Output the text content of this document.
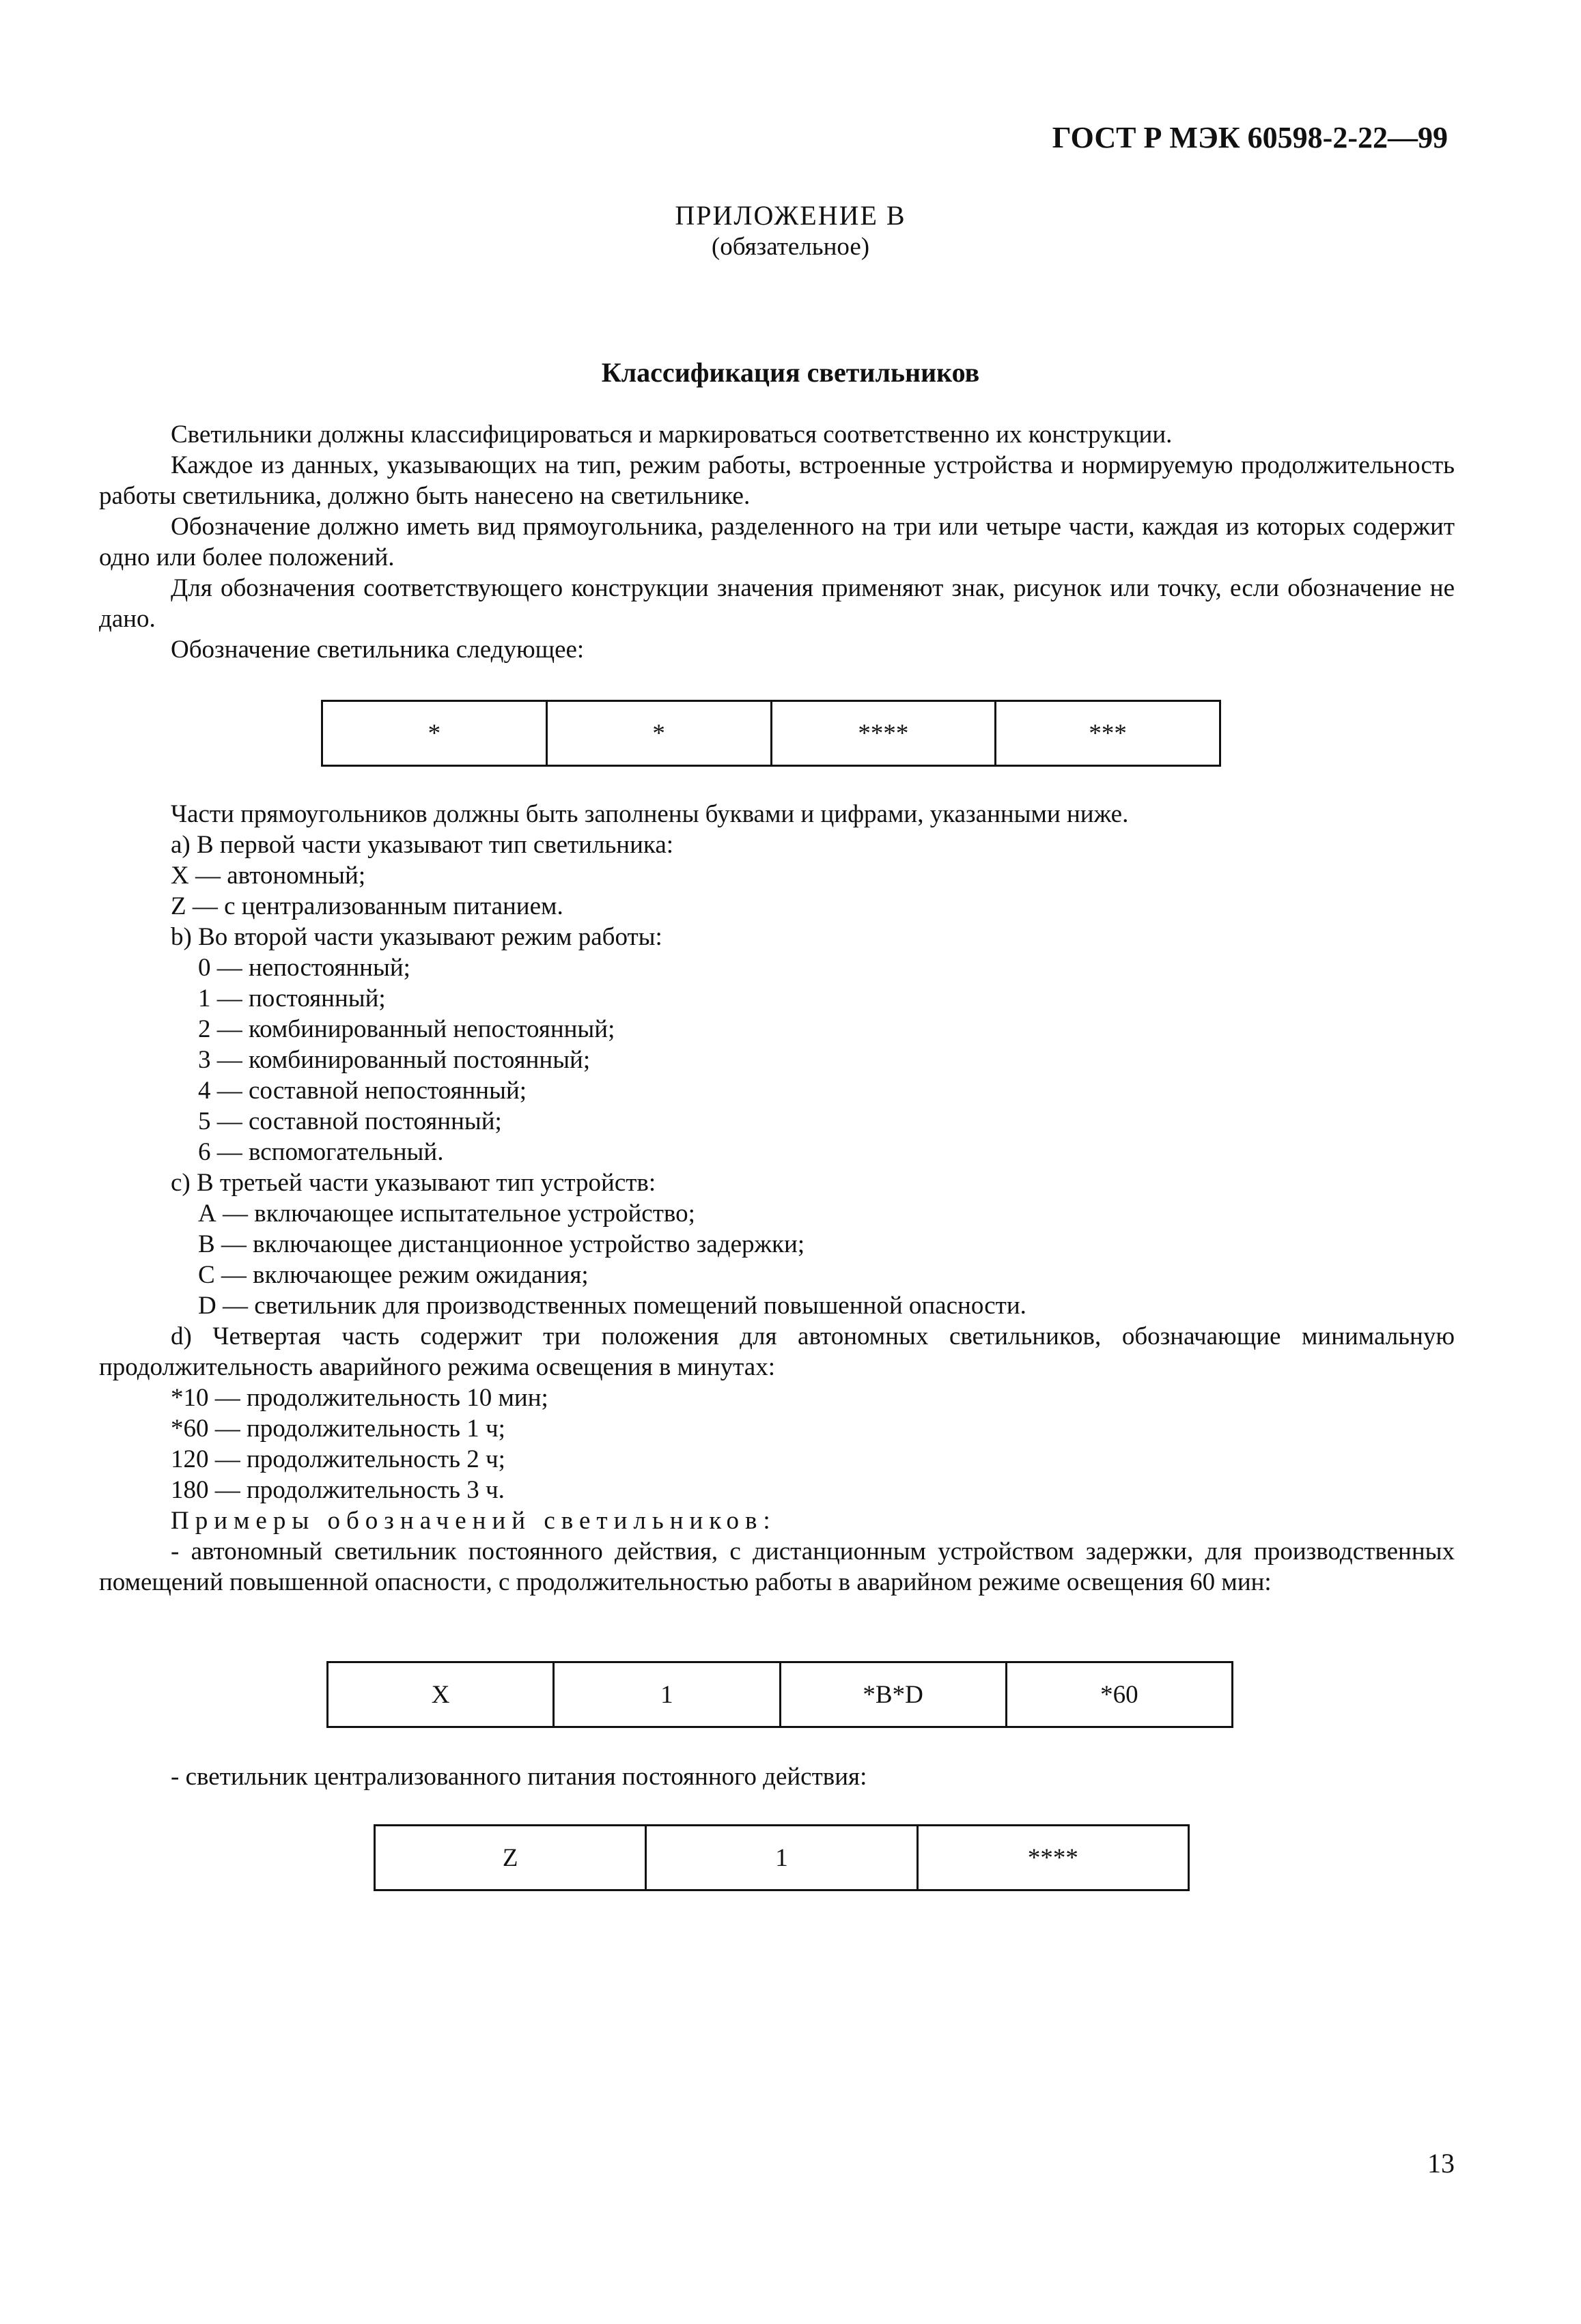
ГОСТ Р МЭК 60598-2-22—99
ПРИЛОЖЕНИЕ В
(обязательное)
Классификация светильников
Светильники должны классифицироваться и маркироваться соответственно их конструкции.
Каждое из данных, указывающих на тип, режим работы, встроенные устройства и нормируемую продолжительность работы светильника, должно быть нанесено на светильнике.
Обозначение должно иметь вид прямоугольника, разделенного на три или четыре части, каждая из которых содержит одно или более положений.
Для обозначения соответствующего конструкции значения применяют знак, рисунок или точку, если обозначение не дано.
Обозначение светильника следующее:
*	*	****	***
Части прямоугольников должны быть заполнены буквами и цифрами, указанными ниже.
а) В первой части указывают тип светильника:
X — автономный;
Z — с централизованным питанием.
b) Во второй части указывают режим работы:
0 — непостоянный;
1 — постоянный;
2 — комбинированный непостоянный;
3 — комбинированный постоянный;
4 — составной непостоянный;
5 — составной постоянный;
6 — вспомогательный.
с) В третьей части указывают тип устройств:
А — включающее испытательное устройство;
В — включающее дистанционное устройство задержки;
С — включающее режим ожидания;
D — светильник для производственных помещений повышенной опасности.
d) Четвертая часть содержит три положения для автономных светильников, обозначающие минимальную продолжительность аварийного режима освещения в минутах:
*10 — продолжительность 10 мин;
*60 — продолжительность 1 ч;
120 — продолжительность 2 ч;
180 — продолжительность 3 ч.
Примеры обозначений светильников:
- автономный светильник постоянного действия, с дистанционным устройством задержки, для производственных помещений повышенной опасности, с продолжительностью работы в аварийном режиме освещения 60 мин:
X	1	*B*D	*60
- светильник централизованного питания постоянного действия:
Z	1	****
13
